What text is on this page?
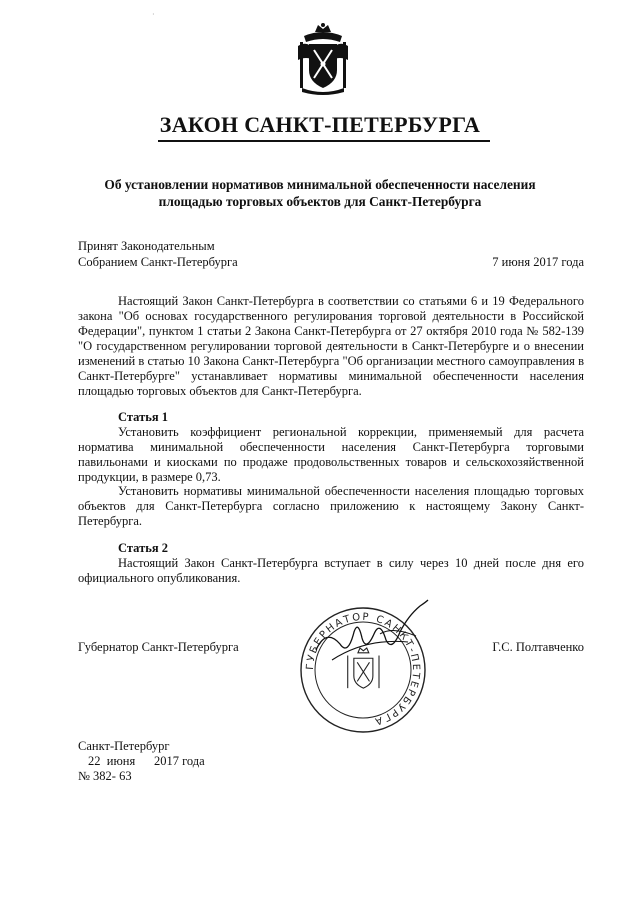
·
ЗАКОН САНКТ-ПЕТЕРБУРГА
Об установлении нормативов минимальной обеспеченности населения
площадью торговых объектов для Санкт-Петербурга
Принят Законодательным
Собранием Санкт-Петербурга	7 июня 2017 года

Настоящий Закон Санкт-Петербурга в соответствии со статьями 6 и 19 Федерального закона "Об основах государственного регулирования торговой деятельности в Российской Федерации", пунктом 1 статьи 2 Закона Санкт-Петербурга от 27 октября 2010 года № 582-139 "О государственном регулировании торговой деятельности в Санкт-Петербурге и о внесении изменений в статью 10 Закона Санкт-Петербурга "Об организации местного самоуправления в Санкт-Петербурге" устанавливает нормативы минимальной обеспеченности населения площадью торговых объектов для Санкт-Петербурга.

Статья 1

Установить коэффициент региональной коррекции, применяемый для расчета норматива минимальной обеспеченности населения Санкт-Петербурга торговыми павильонами и киосками по продаже продовольственных товаров и сельскохозяйственной продукции, в размере 0,73.

Установить нормативы минимальной обеспеченности населения площадью торговых объектов для Санкт-Петербурга согласно приложению к настоящему Закону Санкт-Петербурга.

Статья 2

Настоящий Закон Санкт-Петербурга вступает в силу через 10 дней после дня его официального опубликования.

Губернатор Санкт-Петербурга	Г.С. Полтавченко
ГУБЕРНАТОР САНКТ-ПЕТЕРБУРГА
Санкт-Петербург
22  июня      2017 года
№ 382- 63
